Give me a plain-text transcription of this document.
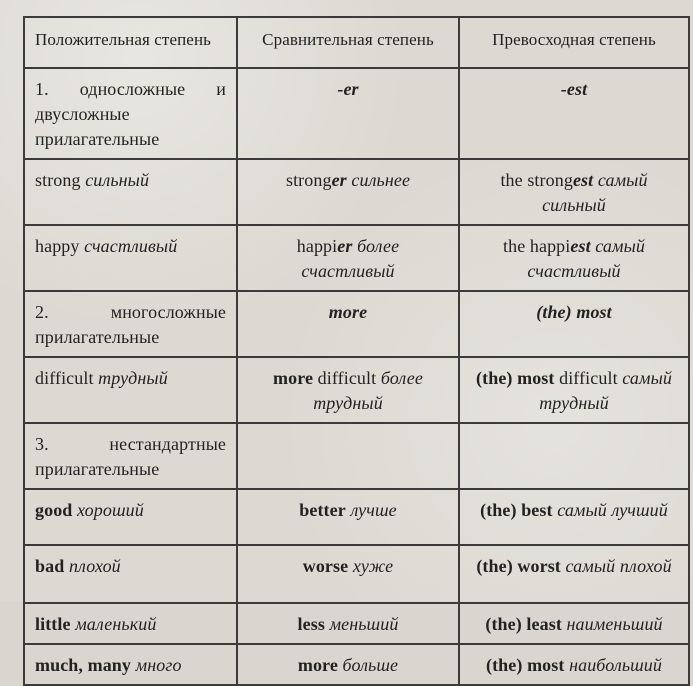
Положительная степень	Сравнительная степень	Превосходная степень
1. односложные и двусложные прилагательные	-er	-est
strong сильный	stronger сильнее	the strongest самый сильный
happy счастливый	happier более счастливый	the happiest самый счастливый
2. многосложные прилагательные	more	(the) most
difficult трудный	more difficult более трудный	(the) most difficult самый трудный
3. нестандартные прилагательные		
good хороший	better лучше	(the) best самый лучший
bad плохой	worse хуже	(the) worst самый плохой
little маленький	less меньший	(the) least наименьший
much, many много	more больше	(the) most наибольший
